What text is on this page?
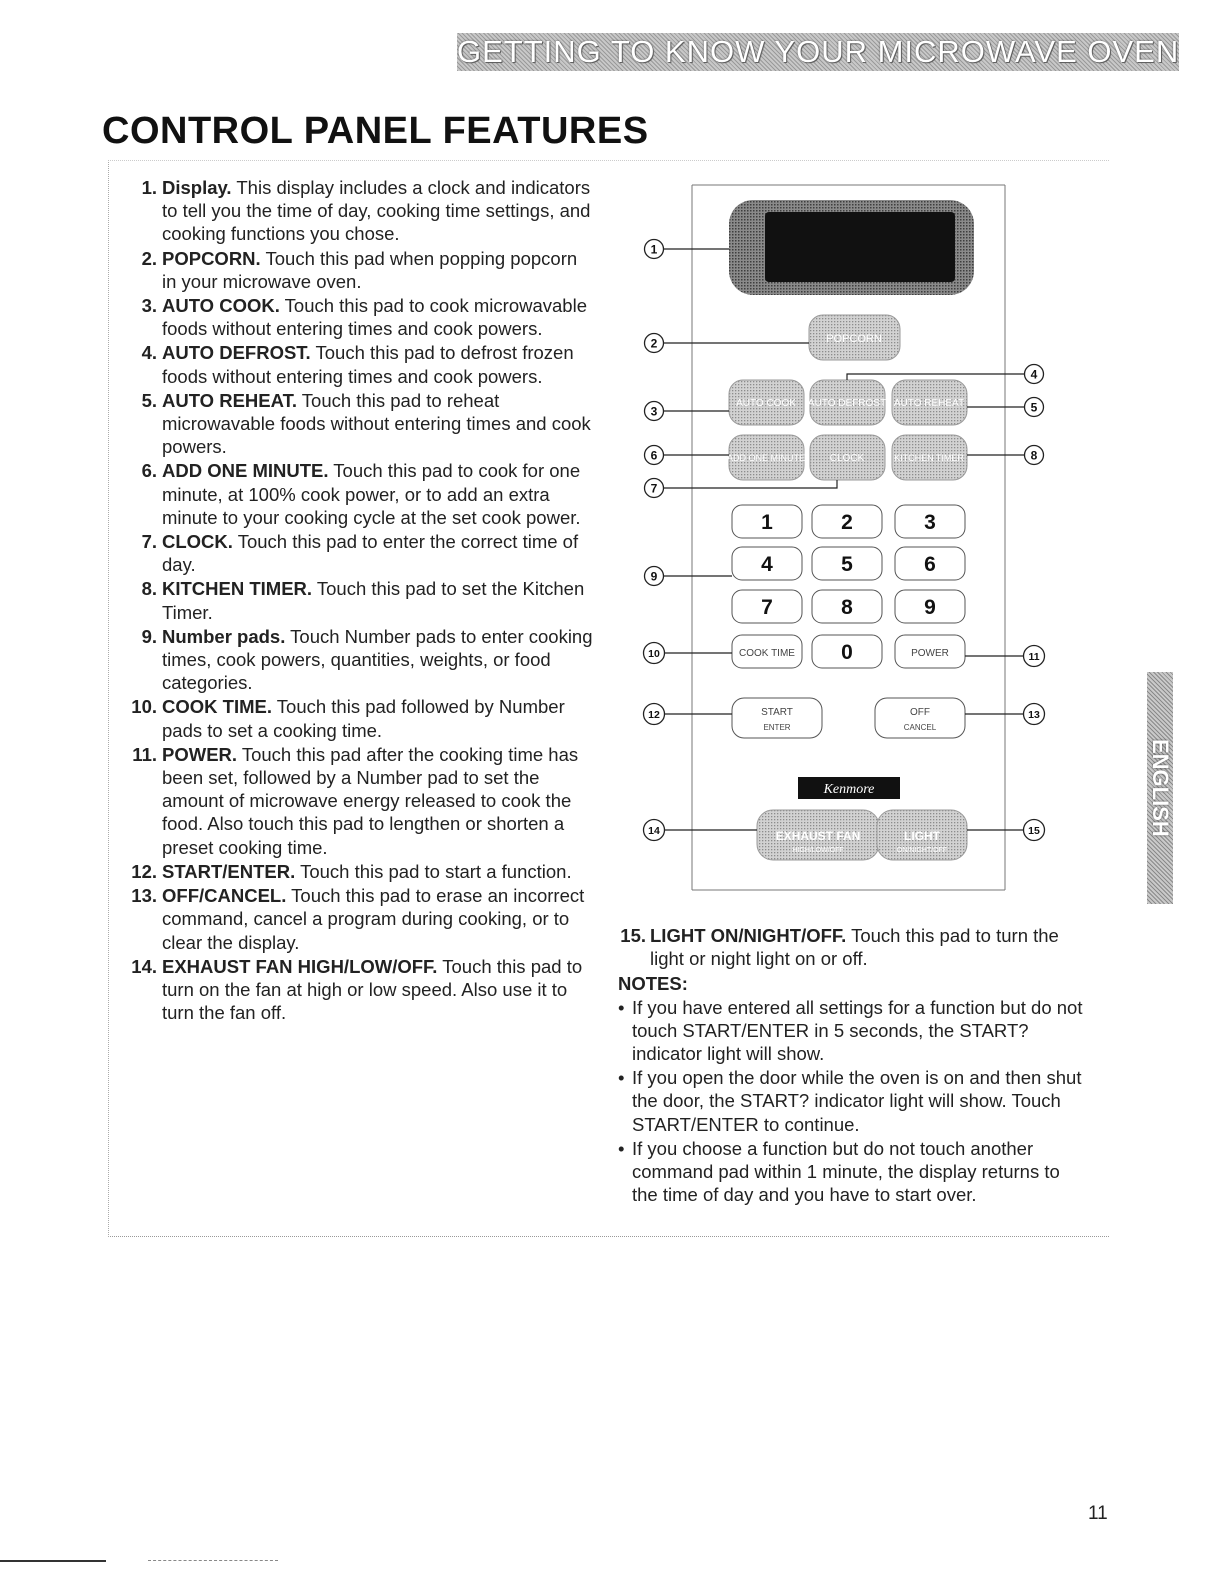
GETTING TO KNOW YOUR MICROWAVE OVEN
CONTROL PANEL FEATURES
1. Display. This display includes a clock and indicators to tell you the time of day, cooking time settings, and cooking functions you chose.
2. POPCORN. Touch this pad when popping popcorn in your microwave oven.
3. AUTO COOK. Touch this pad to cook microwavable foods without entering times and cook powers.
4. AUTO DEFROST. Touch this pad to defrost frozen foods without entering times and cook powers.
5. AUTO REHEAT. Touch this pad to reheat microwavable foods without entering times and cook powers.
6. ADD ONE MINUTE. Touch this pad to cook for one minute, at 100% cook power, or to add an extra minute to your cooking cycle at the set cook power.
7. CLOCK. Touch this pad to enter the correct time of day.
8. KITCHEN TIMER. Touch this pad to set the Kitchen Timer.
9. Number pads. Touch Number pads to enter cooking times, cook powers, quantities, weights, or food categories.
10. COOK TIME. Touch this pad followed by Number pads to set a cooking time.
11. POWER. Touch this pad after the cooking time has been set, followed by a Number pad to set the amount of microwave energy released to cook the food. Also touch this pad to lengthen or shorten a preset cooking time.
12. START/ENTER. Touch this pad to start a function.
13. OFF/CANCEL. Touch this pad to erase an incorrect command, cancel a program during cooking, or to clear the display.
14. EXHAUST FAN HIGH/LOW/OFF. Touch this pad to turn on the fan at high or low speed. Also use it to turn the fan off.
POPCORN
AUTO COOK AUTO DEFROST AUTO REHEAT
ADD ONE MINUTE CLOCK	KITCHEN TIMER
1	2	3
4	5	6
7	8	9
0
COOK TIME	POWER
START
ENTER
OFF
CANCEL
Kenmore
EXHAUST FAN
HIGH/LOW/OFF
LIGHT
ON/NIGHT/OFF
1
2
3
4
5
6
7
8
9
10	11
12	13
14	15
15. LIGHT ON/NIGHT/OFF. Touch this pad to turn the light or night light on or off.
NOTES:
• If you have entered all settings for a function but do not touch START/ENTER in 5 seconds, the START? indicator light will show.
• If you open the door while the oven is on and then shut the door, the START? indicator light will show. Touch START/ENTER to continue.
• If you choose a function but do not touch another command pad within 1 minute, the display returns to the time of day and you have to start over.
ENGLISH
11
